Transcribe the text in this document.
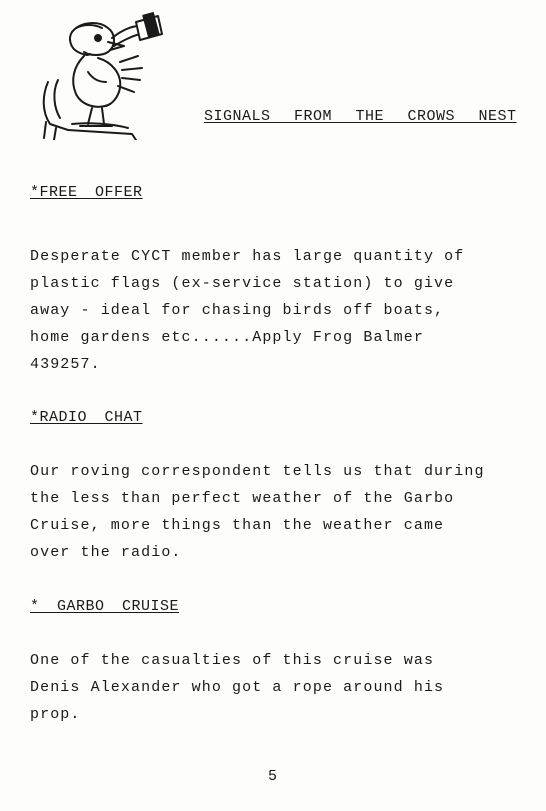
SIGNALS FROM THE CROWS NEST
*FREE OFFER
Desperate CYCT member has large quantity of
plastic flags (ex-service station) to give
away - ideal for chasing birds off boats,
home gardens etc......Apply Frog Balmer
439257.
*RADIO CHAT
Our roving correspondent tells us that during
the less than perfect weather of the Garbo
Cruise, more things than the weather came
over the radio.
* GARBO CRUISE
One of the casualties of this cruise was
Denis Alexander who got a rope around his
prop.
5
